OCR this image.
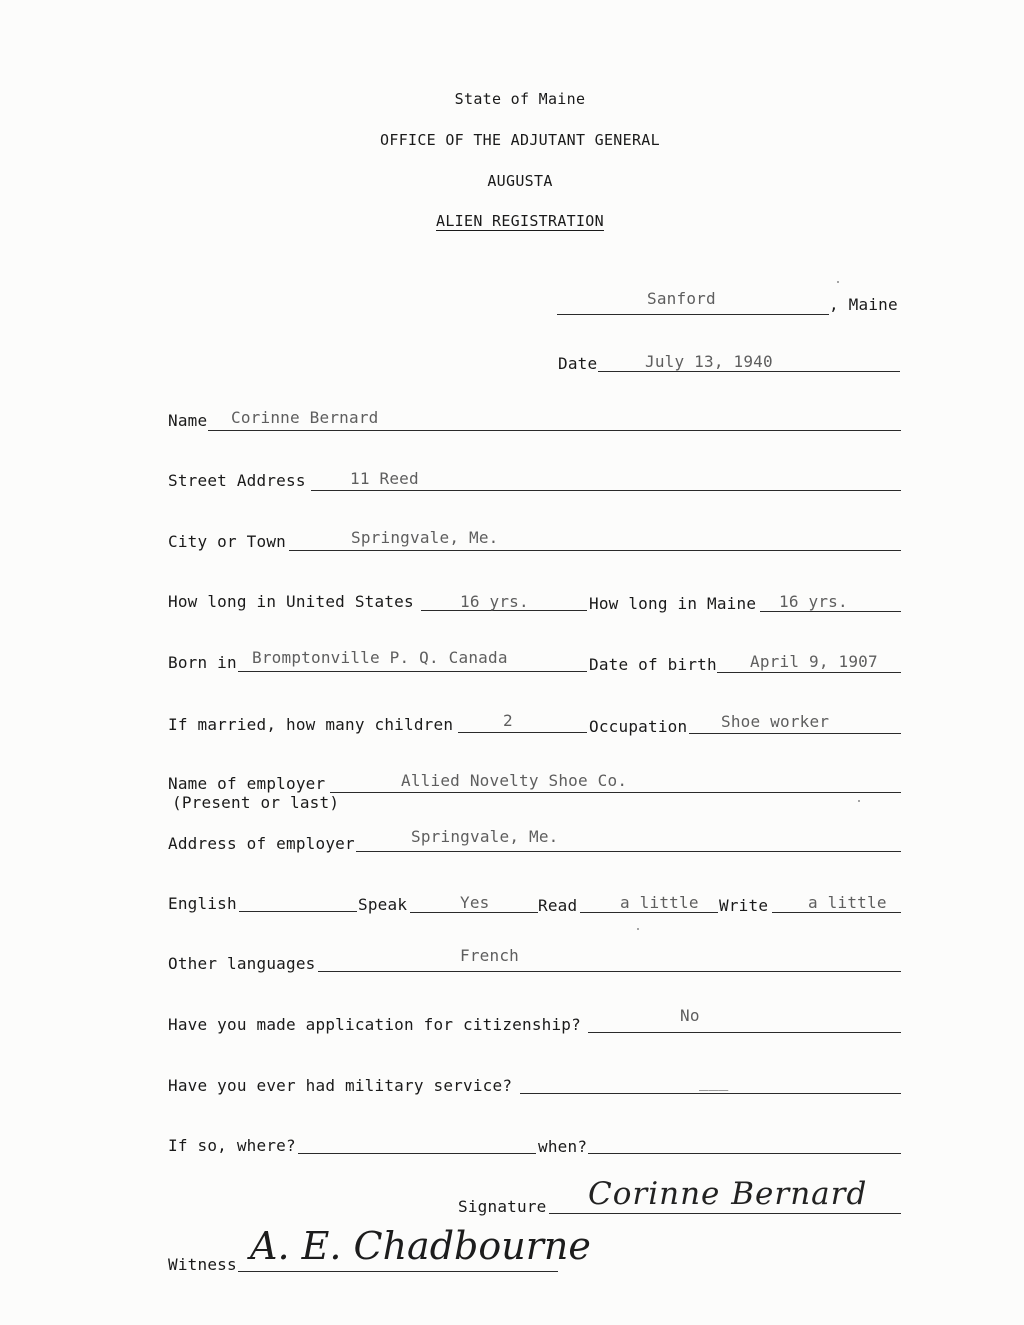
State of Maine
OFFICE OF THE ADJUTANT GENERAL
AUGUSTA
ALIEN REGISTRATION
Sanford	, Maine
Date	July 13, 1940
Name Corinne Bernard
Street Address	11 Reed
City or Town	Springvale, Me.
How long in United States	16 yrs.	How long in Maine 16 yrs.
Born in Bromptonville P. Q. Canada	Date of birth April 9, 1907
If married, how many children	2	Occupation Shoe worker
Name of employer
(Present or last)
Allied Novelty Shoe Co.
Address of employer	Springvale, Me.
English	Speak	Yes	Read	a little Write a little
Other languages	French
Have you made application for citizenship?	No
Have you ever had military service?	___
If so, where?	when?
Signature Corinne Bernard
Witness A. E. Chadbourne
